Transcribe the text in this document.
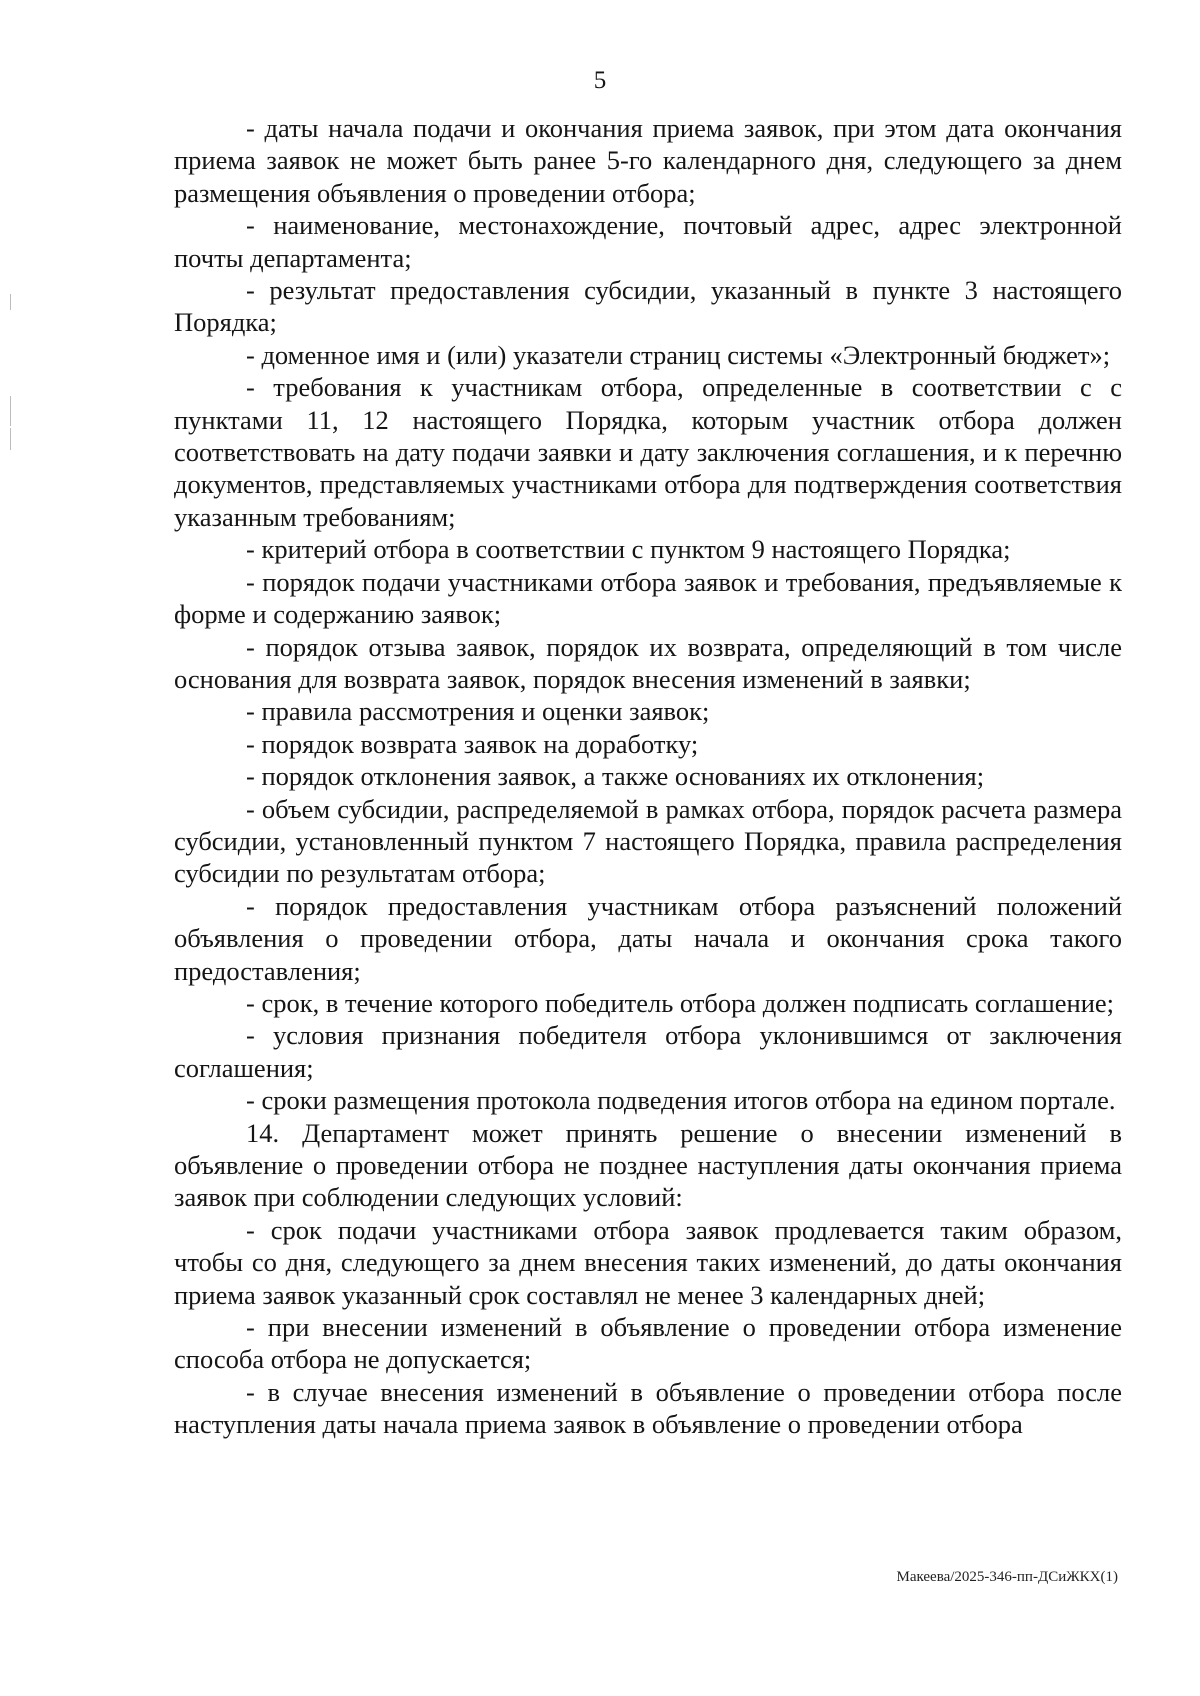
5

- даты начала подачи и окончания приема заявок, при этом дата окончания приема заявок не может быть ранее 5-го календарного дня, следующего за днем размещения объявления о проведении отбора;

- наименование, местонахождение, почтовый адрес, адрес электронной почты департамента;

- результат предоставления субсидии, указанный в пункте 3 настоящего Порядка;

- доменное имя и (или) указатели страниц системы «Электронный бюджет»;

- требования к участникам отбора, определенные в соответствии с с пунктами 11, 12 настоящего Порядка, которым участник отбора должен соответствовать на дату подачи заявки и дату заключения соглашения, и к перечню документов, представляемых участниками отбора для подтверждения соответствия указанным требованиям;

- критерий отбора в соответствии с пунктом 9 настоящего Порядка;

- порядок подачи участниками отбора заявок и требования, предъявляемые к форме и содержанию заявок;

- порядок отзыва заявок, порядок их возврата, определяющий в том числе основания для возврата заявок, порядок внесения изменений в заявки;

- правила рассмотрения и оценки заявок;

- порядок возврата заявок на доработку;

- порядок отклонения заявок, а также основаниях их отклонения;

- объем субсидии, распределяемой в рамках отбора, порядок расчета размера субсидии, установленный пунктом 7 настоящего Порядка, правила распределения субсидии по результатам отбора;

- порядок предоставления участникам отбора разъяснений положений объявления о проведении отбора, даты начала и окончания срока такого предоставления;

- срок, в течение которого победитель отбора должен подписать соглашение;

- условия признания победителя отбора уклонившимся от заключения соглашения;

- сроки размещения протокола подведения итогов отбора на едином портале.

14. Департамент может принять решение о внесении изменений в объявление о проведении отбора не позднее наступления даты окончания приема заявок при соблюдении следующих условий:

- срок подачи участниками отбора заявок продлевается таким образом, чтобы со дня, следующего за днем внесения таких изменений, до даты окончания приема заявок указанный срок составлял не менее 3 календарных дней;

- при внесении изменений в объявление о проведении отбора изменение способа отбора не допускается;

- в случае внесения изменений в объявление о проведении отбора после наступления даты начала приема заявок в объявление о проведении отбора

Макеева/2025-346-пп-ДСиЖКХ(1)
